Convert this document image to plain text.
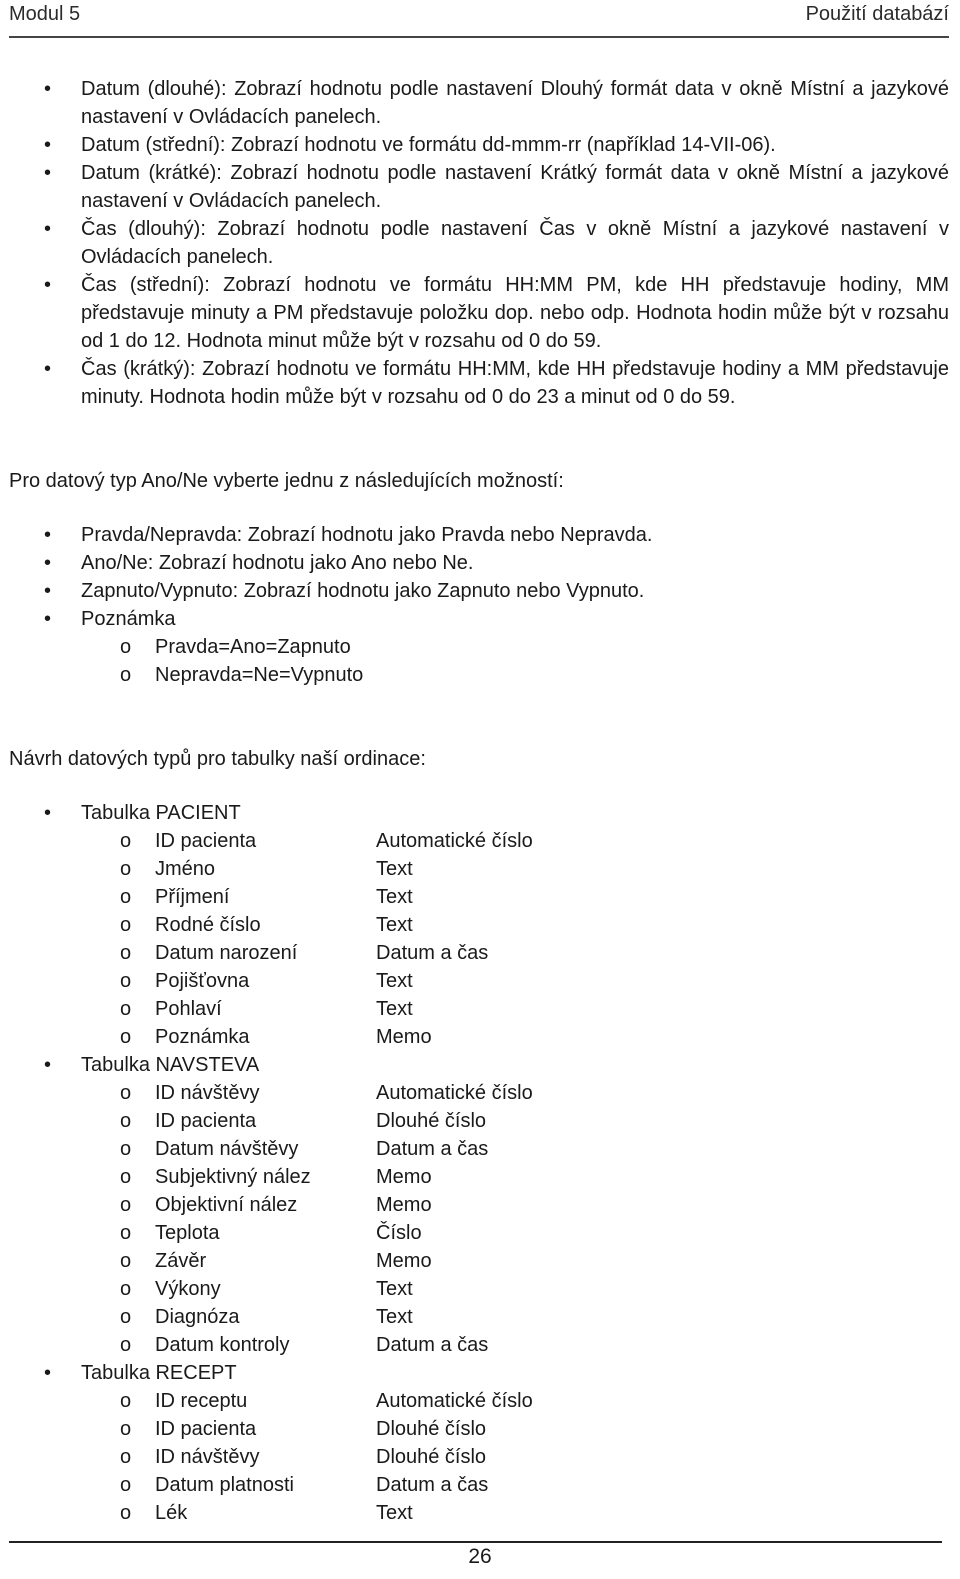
Modul 5	Použití databází
• Datum (dlouhé): Zobrazí hodnotu podle nastavení Dlouhý formát data v okně Místní a jazykové nastavení v Ovládacích panelech.
• Datum (střední): Zobrazí hodnotu ve formátu dd-mmm-rr (například 14-VII-06).
• Datum (krátké): Zobrazí hodnotu podle nastavení Krátký formát data v okně Místní a jazykové nastavení v Ovládacích panelech.
• Čas (dlouhý): Zobrazí hodnotu podle nastavení Čas v okně Místní a jazykové nastavení v Ovládacích panelech.
• Čas (střední): Zobrazí hodnotu ve formátu HH:MM PM, kde HH představuje hodiny, MM představuje minuty a PM představuje položku dop. nebo odp. Hodnota hodin může být v rozsahu od 1 do 12. Hodnota minut může být v rozsahu od 0 do 59.
• Čas (krátký): Zobrazí hodnotu ve formátu HH:MM, kde HH představuje hodiny a MM představuje minuty. Hodnota hodin může být v rozsahu od 0 do 23 a minut od 0 do 59.

Pro datový typ Ano/Ne vyberte jednu z následujících možností:

• Pravda/Nepravda: Zobrazí hodnotu jako Pravda nebo Nepravda.
• Ano/Ne: Zobrazí hodnotu jako Ano nebo Ne.
• Zapnuto/Vypnuto: Zobrazí hodnotu jako Zapnuto nebo Vypnuto.
• Poznámka
o Pravda=Ano=Zapnuto
o Nepravda=Ne=Vypnuto

Návrh datových typů pro tabulky naší ordinace:

• Tabulka PACIENT
o ID pacienta	Automatické číslo
o Jméno	Text
o Příjmení	Text
o Rodné číslo	Text
o Datum narození	Datum a čas
o Pojišťovna	Text
o Pohlaví	Text
o Poznámka	Memo
• Tabulka NAVSTEVA
o ID návštěvy	Automatické číslo
o ID pacienta	Dlouhé číslo
o Datum návštěvy	Datum a čas
o Subjektivný nález	Memo
o Objektivní nález	Memo
o Teplota	Číslo
o Závěr	Memo
o Výkony	Text
o Diagnóza	Text
o Datum kontroly	Datum a čas
• Tabulka RECEPT
o ID receptu	Automatické číslo
o ID pacienta	Dlouhé číslo
o ID návštěvy	Dlouhé číslo
o Datum platnosti	Datum a čas
o Lék	Text
26
